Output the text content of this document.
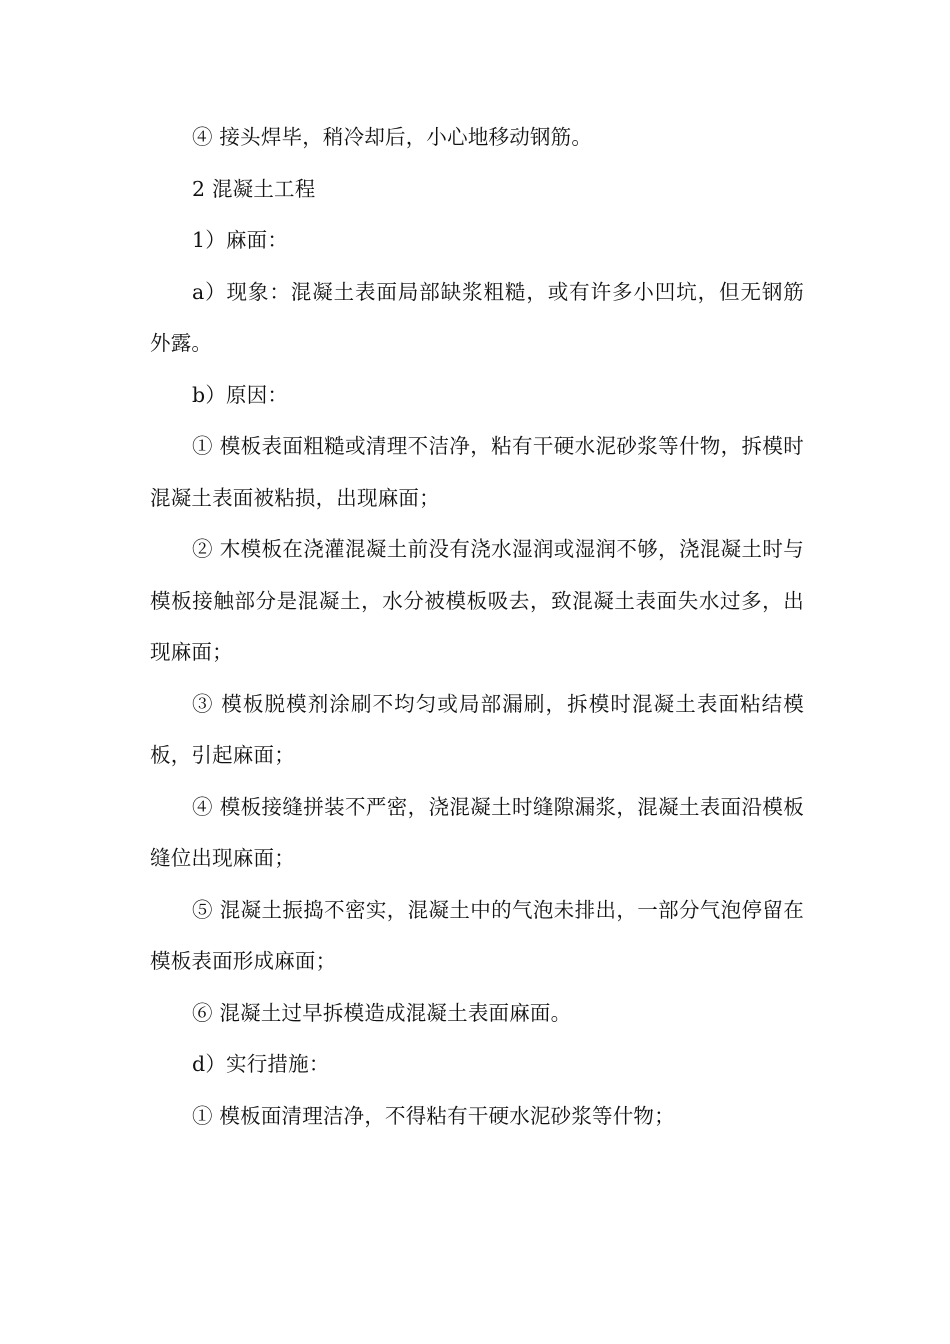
④ 接头焊毕，稍冷却后，小心地移动钢筋。

2 混凝土工程

1）麻面：

a）现象：混凝土表面局部缺浆粗糙，或有许多小凹坑，但无钢筋外露。

b）原因：

① 模板表面粗糙或清理不洁净，粘有干硬水泥砂浆等什物，拆模时混凝土表面被粘损，出现麻面；

② 木模板在浇灌混凝土前没有浇水湿润或湿润不够，浇混凝土时与模板接触部分是混凝土，水分被模板吸去，致混凝土表面失水过多，出现麻面；

③ 模板脱模剂涂刷不均匀或局部漏刷，拆模时混凝土表面粘结模板，引起麻面；

④ 模板接缝拼装不严密，浇混凝土时缝隙漏浆，混凝土表面沿模板缝位出现麻面；

⑤ 混凝土振捣不密实，混凝土中的气泡未排出，一部分气泡停留在模板表面形成麻面；

⑥ 混凝土过早拆模造成混凝土表面麻面。

d）实行措施：

① 模板面清理洁净，不得粘有干硬水泥砂浆等什物；
